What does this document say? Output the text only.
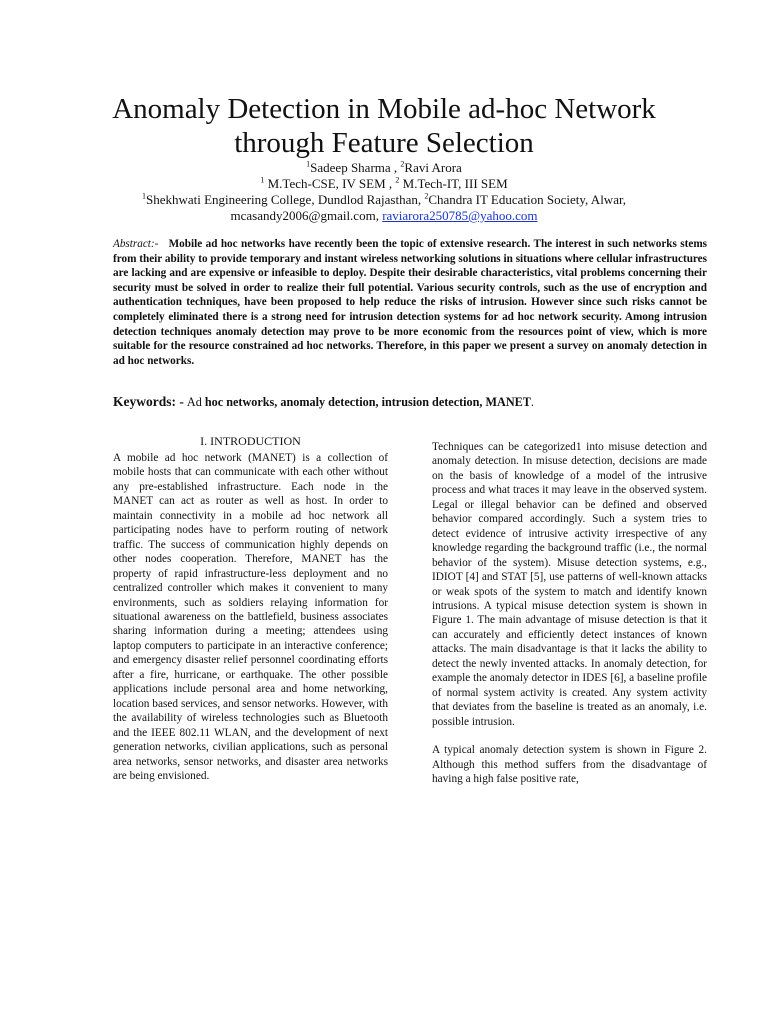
Anomaly Detection in Mobile ad-hoc Network
through Feature Selection
$^1$Sadeep Sharma , $^2$Ravi Arora
$^1$ M.Tech-CSE, IV SEM , $^2$ M.Tech-IT, III SEM
$^1$Shekhwati Engineering College, Dundlod Rajasthan, $^2$Chandra IT Education Society, Alwar,
mcasandy2006@gmail.com, raviarora250785@yahoo.com
Abstract:- Mobile ad hoc networks have recently been the topic of extensive research. The interest in such networks stems from their ability to provide temporary and instant wireless networking solutions in situations where cellular infrastructures are lacking and are expensive or infeasible to deploy. Despite their desirable characteristics, vital problems concerning their security must be solved in order to realize their full potential. Various security controls, such as the use of encryption and authentication techniques, have been proposed to help reduce the risks of intrusion. However since such risks cannot be completely eliminated there is a strong need for intrusion detection systems for ad hoc network security. Among intrusion detection techniques anomaly detection may prove to be more economic from the resources point of view, which is more suitable for the resource constrained ad hoc networks. Therefore, in this paper we present a survey on anomaly detection in ad hoc networks.
Keywords: - Ad hoc networks, anomaly detection, intrusion detection, MANET.
I. INTRODUCTION

A mobile ad hoc network (MANET) is a collection of mobile hosts that can communicate with each other without any pre-established infrastructure. Each node in the MANET can act as router as well as host. In order to maintain connectivity in a mobile ad hoc network all participating nodes have to perform routing of network traffic. The success of communication highly depends on other nodes cooperation. Therefore, MANET has the property of rapid infrastructure-less deployment and no centralized controller which makes it convenient to many environments, such as soldiers relaying information for situational awareness on the battlefield, business associates sharing information during a meeting; attendees using laptop computers to participate in an interactive conference; and emergency disaster relief personnel coordinating efforts after a fire, hurricane, or earthquake. The other possible applications include personal area and home networking, location based services, and sensor networks. However, with the availability of wireless technologies such as Bluetooth and the IEEE 802.11 WLAN, and the development of next generation networks, civilian applications, such as personal area networks, sensor networks, and disaster area networks are being envisioned.

Techniques can be categorized1 into misuse detection and anomaly detection. In misuse detection, decisions are made on the basis of knowledge of a model of the intrusive process and what traces it may leave in the observed system. Legal or illegal behavior can be defined and observed behavior compared accordingly. Such a system tries to detect evidence of intrusive activity irrespective of any knowledge regarding the background traffic (i.e., the normal behavior of the system). Misuse detection systems, e.g., IDIOT [4] and STAT [5], use patterns of well-known attacks or weak spots of the system to match and identify known intrusions. A typical misuse detection system is shown in Figure 1. The main advantage of misuse detection is that it can accurately and efficiently detect instances of known attacks. The main disadvantage is that it lacks the ability to detect the newly invented attacks. In anomaly detection, for example the anomaly detector in IDES [6], a baseline profile of normal system activity is created. Any system activity that deviates from the baseline is treated as an anomaly, i.e. possible intrusion.

A typical anomaly detection system is shown in Figure 2. Although this method suffers from the disadvantage of having a high false positive rate,
